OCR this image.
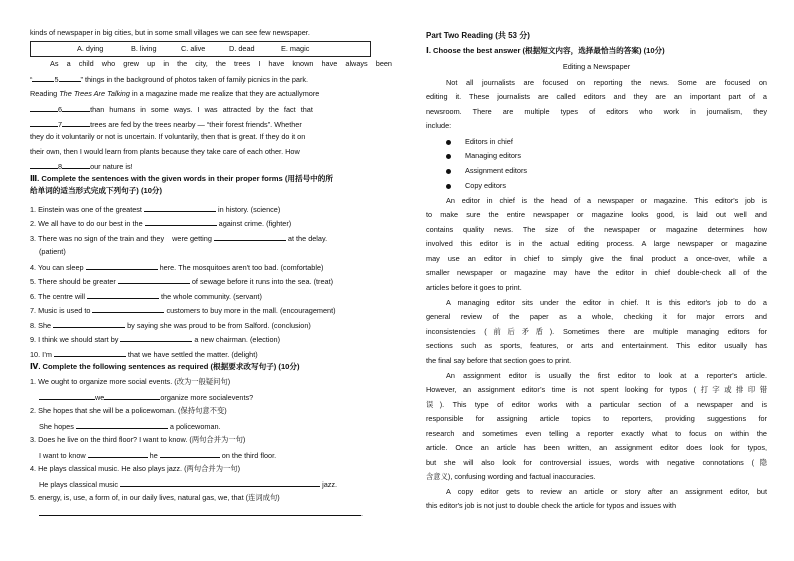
kinds of newspaper in big cities, but in some small villages we can see few newspaper.
A. dying	B. living	C. alive	D. dead	E. magic
As a child who grew up in the city, the trees I have known have always been
“	5	” things in the background of photos taken of family picnics in the park.
Reading The Trees Are Talking in a magazine made me realize that they are actuallymore
6	than humans in some ways. I was attracted by the fact that
7	trees are fed by the trees nearby — “their forest friends”. Whether
they do it voluntarily or not is uncertain. If voluntarily, then that is great. If they do it on
their own, then I would learn from plants because they take care of each other. How
8	our nature is!
Ⅲ. Complete the sentences with the given words in their proper forms (用括号中的所
给单词的适当形式完成下列句子) (10分)
1. Einstein was one of the greatest	in history. (science)
2. We all have to do our best in the	against crime. (fighter)
3. There was no sign of the train and they were getting	at the delay.
(patient)
4. You can sleep	here. The mosquitoes aren't too bad. (comfortable)
5. There should be greater	of sewage before it runs into the sea. (treat)
6. The centre will	the whole community. (servant)
7. Music is used to	customers to buy more in the mall. (encouragement)
8. She	by saying she was proud to be from Salford. (conclusion)
9. I think we should start by	a new chairman. (election)
10. I’m	that we have settled the matter. (delight)
Ⅳ. Complete the following sentences as required (根据要求改写句子) (10分)
1. We ought to organize more social events. (改为一般疑问句)
we	organize more socialevents?
2. She hopes that she will be a policewoman. (保持句意不变)
She hopes	a policewoman.
3. Does he live on the third floor? I want to know. (两句合并为一句)
I want to know	he	on the third floor.
4. He plays classical music. He also plays jazz. (两句合并为一句)
He plays classical music	jazz.
5. energy, is, use, a form of, in our daily lives, natural gas, we, that (连词成句)
.
Part Two Reading (共 53 分)
Ⅰ. Choose the best answer (根据短文内容，选择最恰当的答案) (10分)
Editing a Newspaper
Not all journalists are focused on reporting the news. Some are focused on
editing it. These journalists are called editors and they are an important part of a
newsroom. There are multiple types of editors who work in journalism, they
include:
Editors in chief
Managing editors
Assignment editors
Copy editors
An editor in chief is the head of a newspaper or magazine. This editor's job is
to make sure the entire newspaper or magazine looks good, is laid out well and
contains quality news. The size of the newspaper or magazine determines how
involved this editor is in the actual editing process. A large newspaper or magazine
may use an editor in chief to simply give the final product a once-over, while a
smaller newspaper or magazine may have the editor in chief double-check all of the
articles before it goes to print.
A managing editor sits under the editor in chief. It is this editor's job to do a
general review of the paper as a whole, checking it for major errors and
inconsistencies (前后矛盾). Sometimes there are multiple managing editors for
sections such as sports, features, or arts and entertainment. This editor usually has
the final say before that section goes to print.
An assignment editor is usually the first editor to look at a reporter's article.
However, an assignment editor’s time is not spent looking for typos (打字或排印错
误). This type of editor works with a particular section of a newspaper and is
responsible for assigning article topics to reporters, providing suggestions for
research and sometimes even telling a reporter exactly what to focus on within the
article. Once an article has been written, an assignment editor does look for typos,
but she will also look for controversial issues, words with negative connotations (隐
含意义), confusing wording and factual inaccuracies.
A copy editor gets to review an article or story after an assignment editor, but
this editor's job is not just to double check the article for typos and issues with
